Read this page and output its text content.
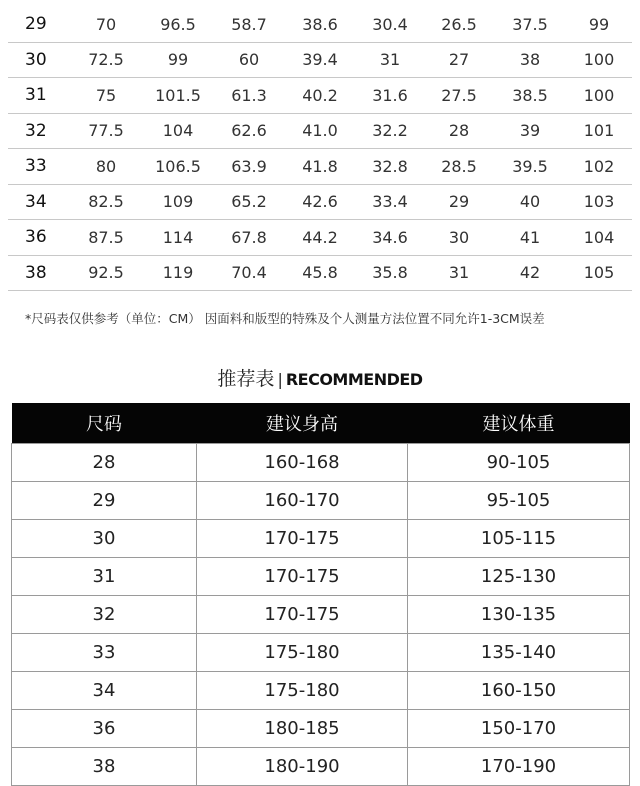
29	70	96.5	58.7	38.6	30.4	26.5	37.5	99
30	72.5	99	60	39.4	31	27	38	100
31	75	101.5	61.3	40.2	31.6	27.5	38.5	100
32	77.5	104	62.6	41.0	32.2	28	39	101
33	80	106.5	63.9	41.8	32.8	28.5	39.5	102
34	82.5	109	65.2	42.6	33.4	29	40	103
36	87.5	114	67.8	44.2	34.6	30	41	104
38	92.5	119	70.4	45.8	35.8	31	42	105
*尺码表仅供参考（单位：CM） 因面料和版型的特殊及个人测量方法位置不同允许1-3CM误差
推荐表 | RECOMMENDED
尺码	建议身高	建议体重
28	160-168	90-105
29	160-170	95-105
30	170-175	105-115
31	170-175	125-130
32	170-175	130-135
33	175-180	135-140
34	175-180	160-150
36	180-185	150-170
38	180-190	170-190
